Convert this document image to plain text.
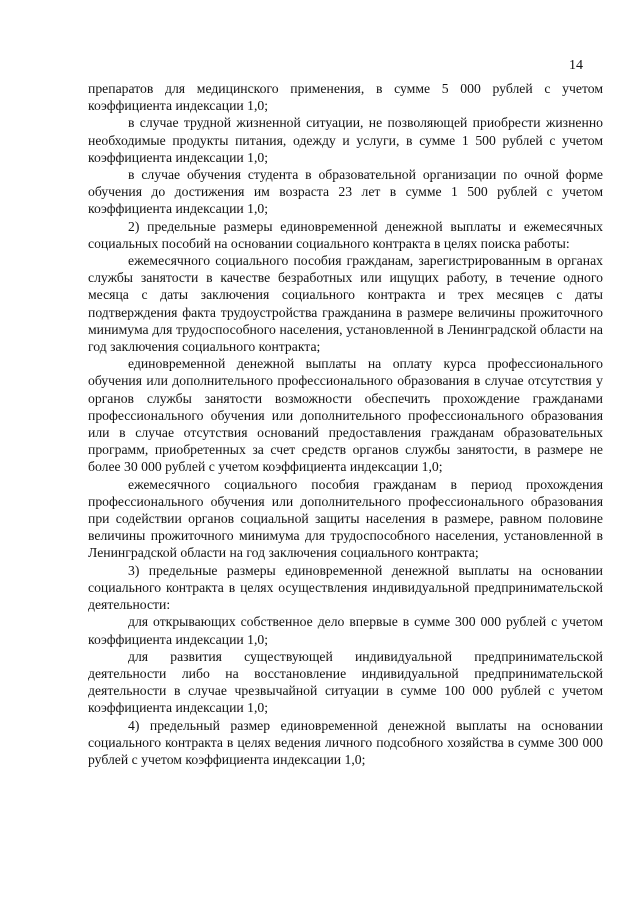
14

препаратов для медицинского применения, в сумме 5 000 рублей с учетом коэффициента индексации 1,0;

в случае трудной жизненной ситуации, не позволяющей приобрести жизненно необходимые продукты питания, одежду и услуги, в сумме 1 500 рублей с учетом коэффициента индексации 1,0;

в случае обучения студента в образовательной организации по очной форме обучения до достижения им возраста 23 лет в сумме 1 500 рублей с учетом коэффициента индексации 1,0;

2) предельные размеры единовременной денежной выплаты и ежемесячных социальных пособий на основании социального контракта в целях поиска работы:

ежемесячного социального пособия гражданам, зарегистрированным в органах службы занятости в качестве безработных или ищущих работу, в течение одного месяца с даты заключения социального контракта и трех месяцев с даты подтверждения факта трудоустройства гражданина в размере величины прожиточного минимума для трудоспособного населения, установленной в Ленинградской области на год заключения социального контракта;

единовременной денежной выплаты на оплату курса профессионального обучения или дополнительного профессионального образования в случае отсутствия у органов службы занятости возможности обеспечить прохождение гражданами профессионального обучения или дополнительного профессионального образования или в случае отсутствия оснований предоставления гражданам образовательных программ, приобретенных за счет средств органов службы занятости, в размере не более 30 000 рублей с учетом коэффициента индексации 1,0;

ежемесячного социального пособия гражданам в период прохождения профессионального обучения или дополнительного профессионального образования при содействии органов социальной защиты населения в размере, равном половине величины прожиточного минимума для трудоспособного населения, установленной в Ленинградской области на год заключения социального контракта;

3) предельные размеры единовременной денежной выплаты на основании социального контракта в целях осуществления индивидуальной предпринимательской деятельности:

для открывающих собственное дело впервые в сумме 300 000 рублей с учетом коэффициента индексации 1,0;

для развития существующей индивидуальной предпринимательской деятельности либо на восстановление индивидуальной предпринимательской деятельности в случае чрезвычайной ситуации в сумме 100 000 рублей с учетом коэффициента индексации 1,0;

4) предельный размер единовременной денежной выплаты на основании социального контракта в целях ведения личного подсобного хозяйства в сумме 300 000 рублей с учетом коэффициента индексации 1,0;
